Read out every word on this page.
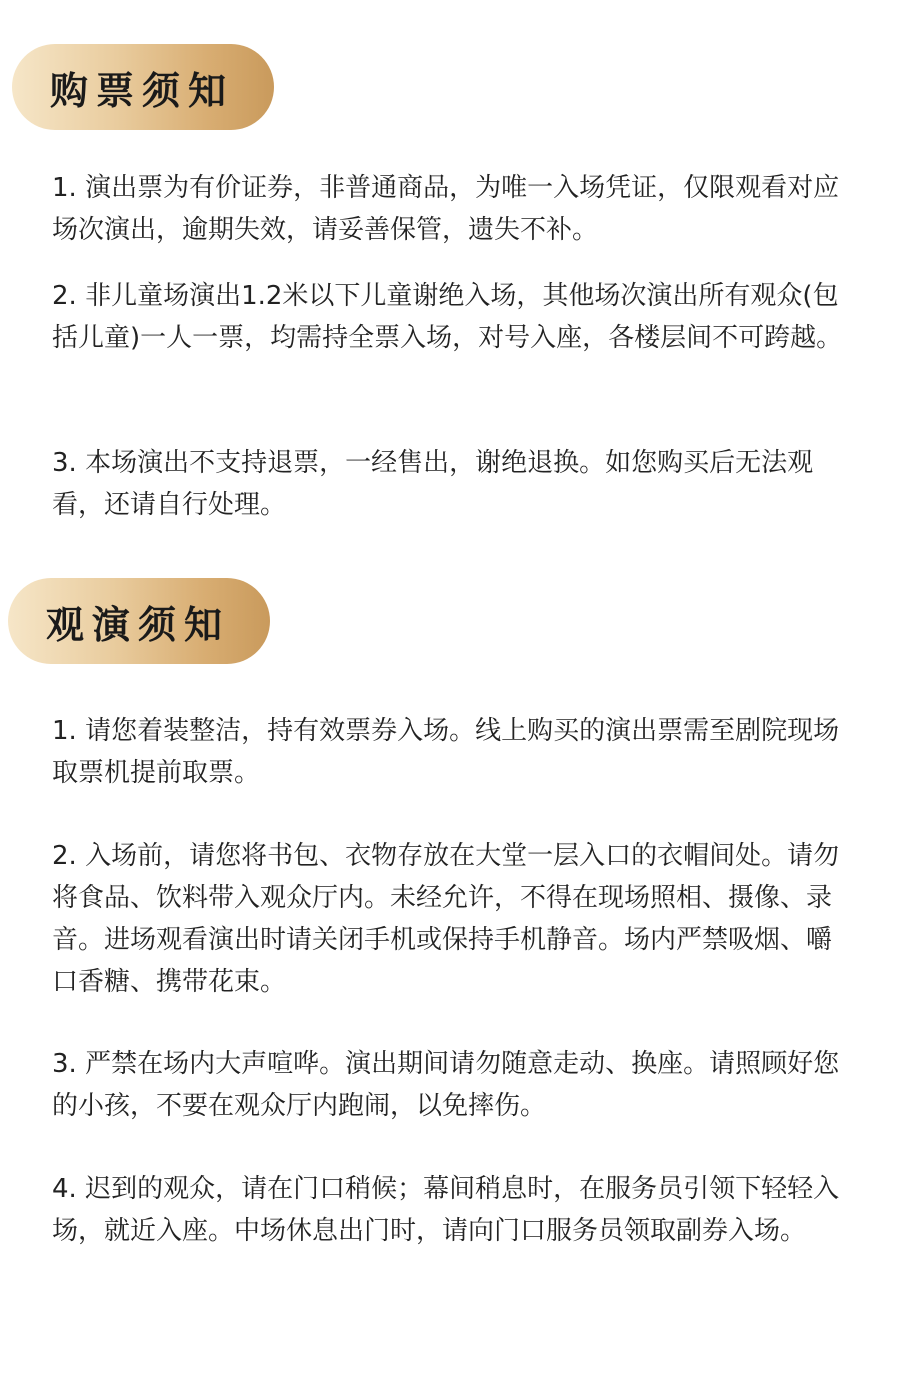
购票须知

1. 演出票为有价证券，非普通商品，为唯一入场凭证，仅限观看对应场次演出，逾期失效，请妥善保管，遗失不补。

2. 非儿童场演出1.2米以下儿童谢绝入场，其他场次演出所有观众(包括儿童)一人一票，均需持全票入场，对号入座，各楼层间不可跨越。

3. 本场演出不支持退票，一经售出，谢绝退换。如您购买后无法观看，还请自行处理。

观演须知

1. 请您着装整洁，持有效票券入场。线上购买的演出票需至剧院现场取票机提前取票。

2. 入场前，请您将书包、衣物存放在大堂一层入口的衣帽间处。请勿将食品、饮料带入观众厅内。未经允许，不得在现场照相、摄像、录音。进场观看演出时请关闭手机或保持手机静音。场内严禁吸烟、嚼口香糖、携带花束。

3. 严禁在场内大声喧哗。演出期间请勿随意走动、换座。请照顾好您的小孩，不要在观众厅内跑闹，以免摔伤。

4. 迟到的观众，请在门口稍候；幕间稍息时，在服务员引领下轻轻入场，就近入座。中场休息出门时，请向门口服务员领取副券入场。
